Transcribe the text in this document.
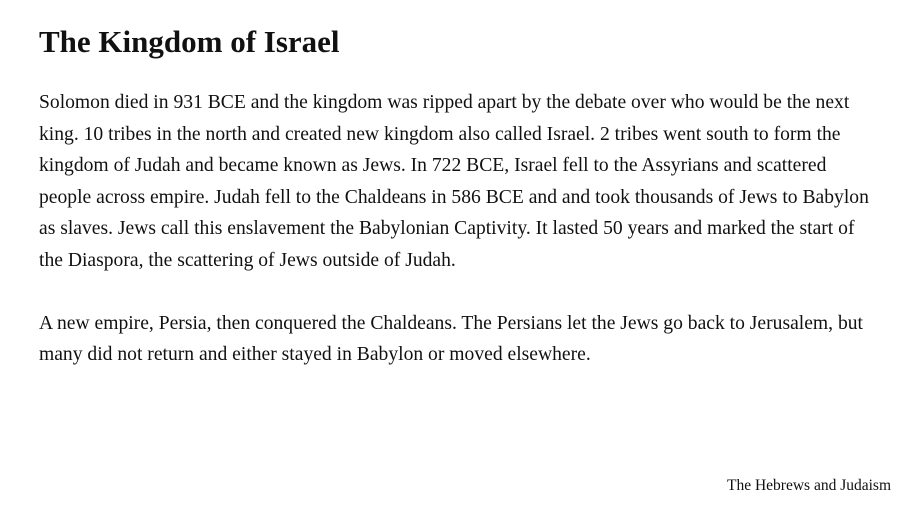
The Kingdom of Israel

Solomon died in 931 BCE and the kingdom was ripped apart by the debate over who would be the next king. 10 tribes in the north and created new kingdom also called Israel. 2 tribes went south to form the kingdom of Judah and became known as Jews. In 722 BCE, Israel fell to the Assyrians and scattered people across empire. Judah fell to the Chaldeans in 586 BCE and and took thousands of Jews to Babylon as slaves. Jews call this enslavement the Babylonian Captivity. It lasted 50 years and marked the start of the Diaspora, the scattering of Jews outside of Judah.

A new empire, Persia, then conquered the Chaldeans. The Persians let the Jews go back to Jerusalem, but many did not return and either stayed in Babylon or moved elsewhere.

The Hebrews and Judaism
